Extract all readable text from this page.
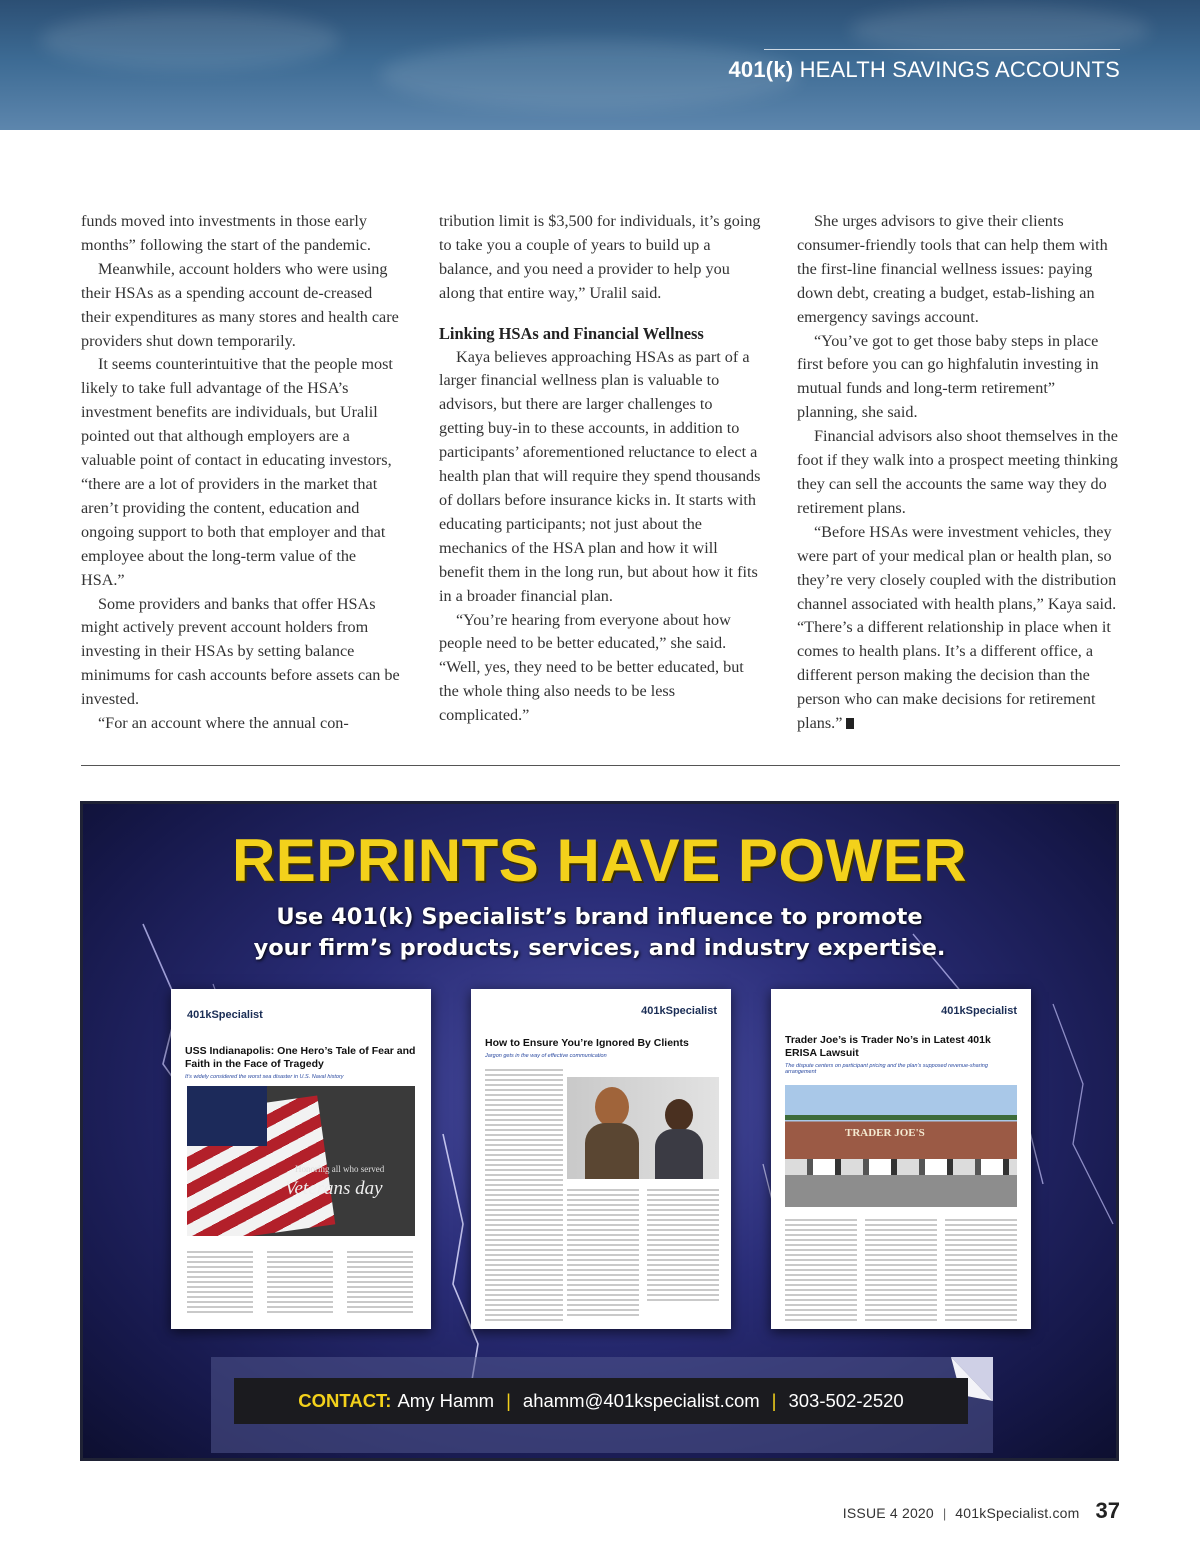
401(k) HEALTH SAVINGS ACCOUNTS

funds moved into investments in those early months” following the start of the pandemic.

Meanwhile, account holders who were using their HSAs as a spending account de-creased their expenditures as many stores and health care providers shut down temporarily.

It seems counterintuitive that the people most likely to take full advantage of the HSA’s investment benefits are individuals, but Uralil pointed out that although employers are a valuable point of contact in educating investors, “there are a lot of providers in the market that aren’t providing the content, education and ongoing support to both that employer and that employee about the long-term value of the HSA.”

Some providers and banks that offer HSAs might actively prevent account holders from investing in their HSAs by setting balance minimums for cash accounts before assets can be invested.

“For an account where the annual con-

tribution limit is $3,500 for individuals, it’s going to take you a couple of years to build up a balance, and you need a provider to help you along that entire way,” Uralil said.

Linking HSAs and Financial Wellness

Kaya believes approaching HSAs as part of a larger financial wellness plan is valuable to advisors, but there are larger challenges to getting buy-in to these accounts, in addition to participants’ aforementioned reluctance to elect a health plan that will require they spend thousands of dollars before insurance kicks in. It starts with educating participants; not just about the mechanics of the HSA plan and how it will benefit them in the long run, but about how it fits in a broader financial plan.

“You’re hearing from everyone about how people need to be better educated,” she said. “Well, yes, they need to be better educated, but the whole thing also needs to be less complicated.”

She urges advisors to give their clients consumer-friendly tools that can help them with the first-line financial wellness issues: paying down debt, creating a budget, estab-lishing an emergency savings account.

“You’ve got to get those baby steps in place first before you can go highfalutin investing in mutual funds and long-term retirement” planning, she said.

Financial advisors also shoot themselves in the foot if they walk into a prospect meeting thinking they can sell the accounts the same way they do retirement plans.

“Before HSAs were investment vehicles, they were part of your medical plan or health plan, so they’re very closely coupled with the distribution channel associated with health plans,” Kaya said. “There’s a different relationship in place when it comes to health plans. It’s a different office, a different person making the decision than the person who can make decisions for retirement plans.”

REPRINTS HAVE POWER
Use 401(k) Specialist’s brand influence to promote
your firm’s products, services, and industry expertise.
401kSpecialist
USS Indianapolis: One Hero’s Tale of Fear and Faith in the Face of Tragedy
It’s widely considered the worst sea disaster in U.S. Naval history
Honoring all who served
Veterans day
401kSpecialist
How to Ensure You’re Ignored By Clients
Jargon gets in the way of effective communication
401kSpecialist
Trader Joe’s is Trader No’s in Latest 401k ERISA Lawsuit
The dispute centers on participant pricing and the plan’s supposed revenue-sharing arrangement
TRADER JOE'S
CONTACT: Amy Hamm | ahamm@401kspecialist.com | 303-502-2520
ISSUE 4 2020 | 401kSpecialist.com 37
